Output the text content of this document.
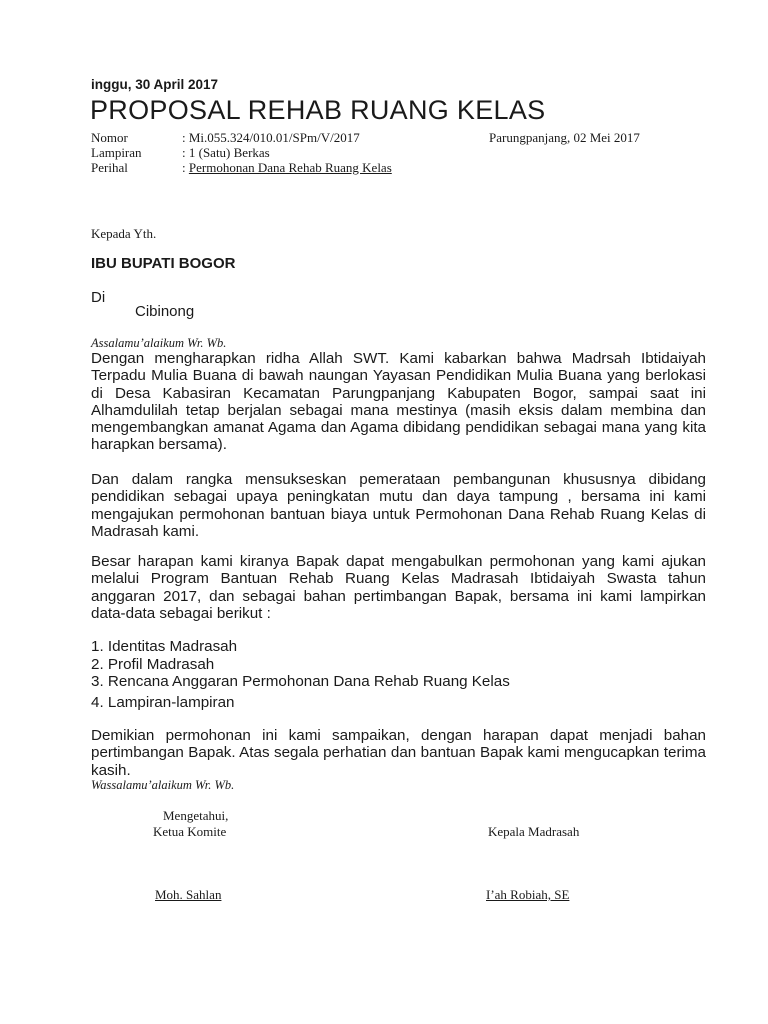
inggu, 30 April 2017
PROPOSAL REHAB RUANG KELAS
Nomor	: Mi.055.324/010.01/SPm/V/2017	Parungpanjang, 02 Mei 2017
Lampiran	: 1 (Satu) Berkas
Perihal	: Permohonan Dana Rehab Ruang Kelas
Kepada Yth.
IBU BUPATI BOGOR
Di
Cibinong
Assalamu’alaikum Wr. Wb.

Dengan mengharapkan ridha Allah SWT. Kami kabarkan bahwa Madrsah Ibtidaiyah Terpadu Mulia Buana di bawah naungan Yayasan Pendidikan Mulia Buana yang berlokasi di Desa Kabasiran Kecamatan Parungpanjang Kabupaten Bogor, sampai saat ini Alhamdulilah tetap berjalan sebagai mana mestinya (masih eksis dalam membina dan mengembangkan amanat Agama dan Agama dibidang pendidikan sebagai mana yang kita harapkan bersama).

Dan dalam rangka mensukseskan pemerataan pembangunan khususnya dibidang pendidikan sebagai upaya peningkatan mutu dan daya tampung , bersama ini kami mengajukan permohonan bantuan biaya untuk Permohonan Dana Rehab Ruang Kelas di Madrasah kami.

Besar harapan kami kiranya Bapak dapat mengabulkan permohonan yang kami ajukan melalui Program Bantuan Rehab Ruang Kelas Madrasah Ibtidaiyah Swasta tahun anggaran 2017, dan sebagai bahan pertimbangan Bapak, bersama ini kami lampirkan data-data sebagai berikut :

1. Identitas Madrasah
2. Profil Madrasah
3. Rencana Anggaran Permohonan Dana Rehab Ruang Kelas
4. Lampiran-lampiran

Demikian permohonan ini kami sampaikan, dengan harapan dapat menjadi bahan pertimbangan Bapak. Atas segala perhatian dan bantuan Bapak kami mengucapkan terima kasih.

Wassalamu’alaikum Wr. Wb.
Mengetahui,
Ketua Komite	Kepala Madrasah
Moh. Sahlan	I’ah Robiah, SE
